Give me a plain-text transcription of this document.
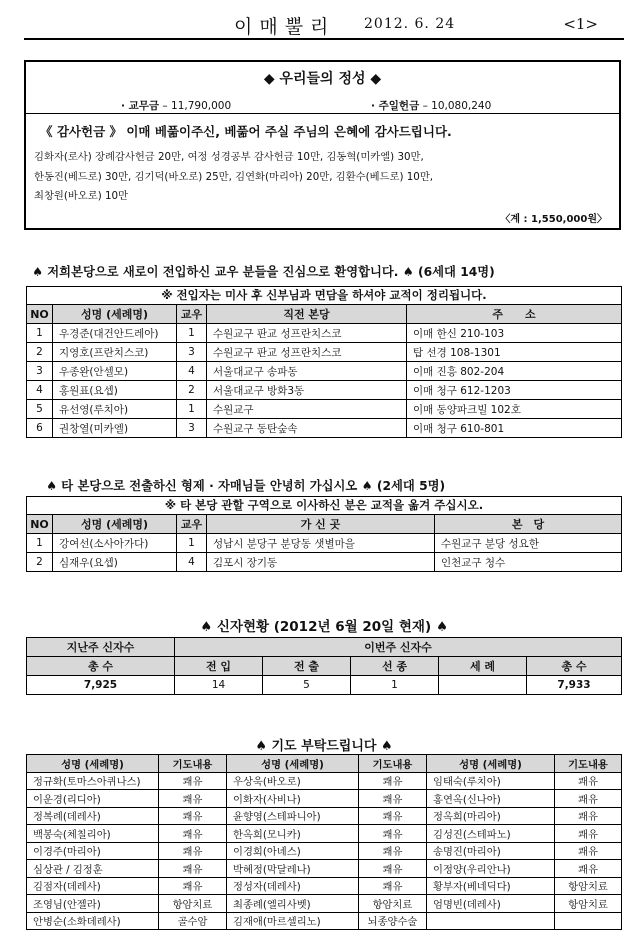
이매뿔리 2012. 6. 24	<1>
◆ 우리들의 정성 ◆
· 교무금 – 11,790,000	· 주일헌금 – 10,080,240
《 감사헌금 》 이매 베풂이주신, 베풂어 주실 주님의 은혜에 감사드립니다.
김화자(로사) 장례감사헌금 20만, 여정 성경공부 감사헌금 10만, 김동혁(미카엘) 30만,
한동진(베드로) 30만, 김기덕(바오로) 25만, 김연화(마리아) 20만, 김환수(베드로) 10만,
최창원(바오로) 10만
〈계 : 1,550,000원〉
♠ 저희본당으로 새로이 전입하신 교우 분들을 진심으로 환영합니다. ♠ (6세대 14명)
※ 전입자는 미사 후 신부님과 면담을 하셔야 교적이 정리됩니다.
NO	성명 (세례명)	교우	직전 본당	주　　소
1	우경준(대건안드레아)	1	수원교구 판교 성프란치스코	이매 한신 210-103
2	지영호(프란치스코)	3	수원교구 판교 성프란치스코	탑 선경 108-1301
3	우종완(안셀모)	4	서울대교구 송파동	이매 진흥 802-204
4	홍원표(요셉)	2	서울대교구 방화3동	이매 청구 612-1203
5	유선영(루치아)	1	수원교구	이매 동양파크빌 102호
6	권창열(미카엘)	3	수원교구 동탄숲속	이매 청구 610-801
♠ 타 본당으로 전출하신 형제 · 자매님들 안녕히 가십시오 ♠ (2세대 5명)
※ 타 본당 관할 구역으로 이사하신 분은 교적을 옮겨 주십시오.
NO	성명 (세례명)	교우	가 신 곳	본　당
1	강여선(소사아가다)	1	성남시 분당구 분당동 샛별마을	수원교구 분당 성요한
2	심재우(요셉)	4	김포시 장기동	인천교구 청수
♠ 신자현황 (2012년 6월 20일 현재) ♠
지난주 신자수	이번주 신자수				
총 수	전 입	전 출	선 종	세 례	총 수
7,925	14	5	1		7,933
♠ 기도 부탁드립니다 ♠
성명 (세례명)	기도내용	성명 (세례명)	기도내용	성명 (세례명)	기도내용
정규화(토마스아퀴나스)	쾌유	우상욱(바오로)	쾌유	임태숙(루치아)	쾌유
이운경(리디아)	쾌유	이화자(사비나)	쾌유	홍연옥(신나아)	쾌유
정복례(데레사)	쾌유	윤향영(스테파니아)	쾌유	정옥희(마리아)	쾌유
백봉숙(체칠리아)	쾌유	한옥희(모니카)	쾌유	김성진(스테파노)	쾌유
이경주(마리아)	쾌유	이경희(아녜스)	쾌유	송명진(마리아)	쾌유
심상관 / 김정훈	쾌유	박혜정(막달레나)	쾌유	이정양(우리안나)	쾌유
김점자(데레사)	쾌유	정성자(데레사)	쾌유	황부자(베네딕다)	항암치료
조영님(안젤라)	항암치료	최종례(엘리사벳)	항암치료	엄명빈(데레사)	항암치료
안병순(소화데레사)	골수암	김재애(마르셀리노)	뇌종양수술		
